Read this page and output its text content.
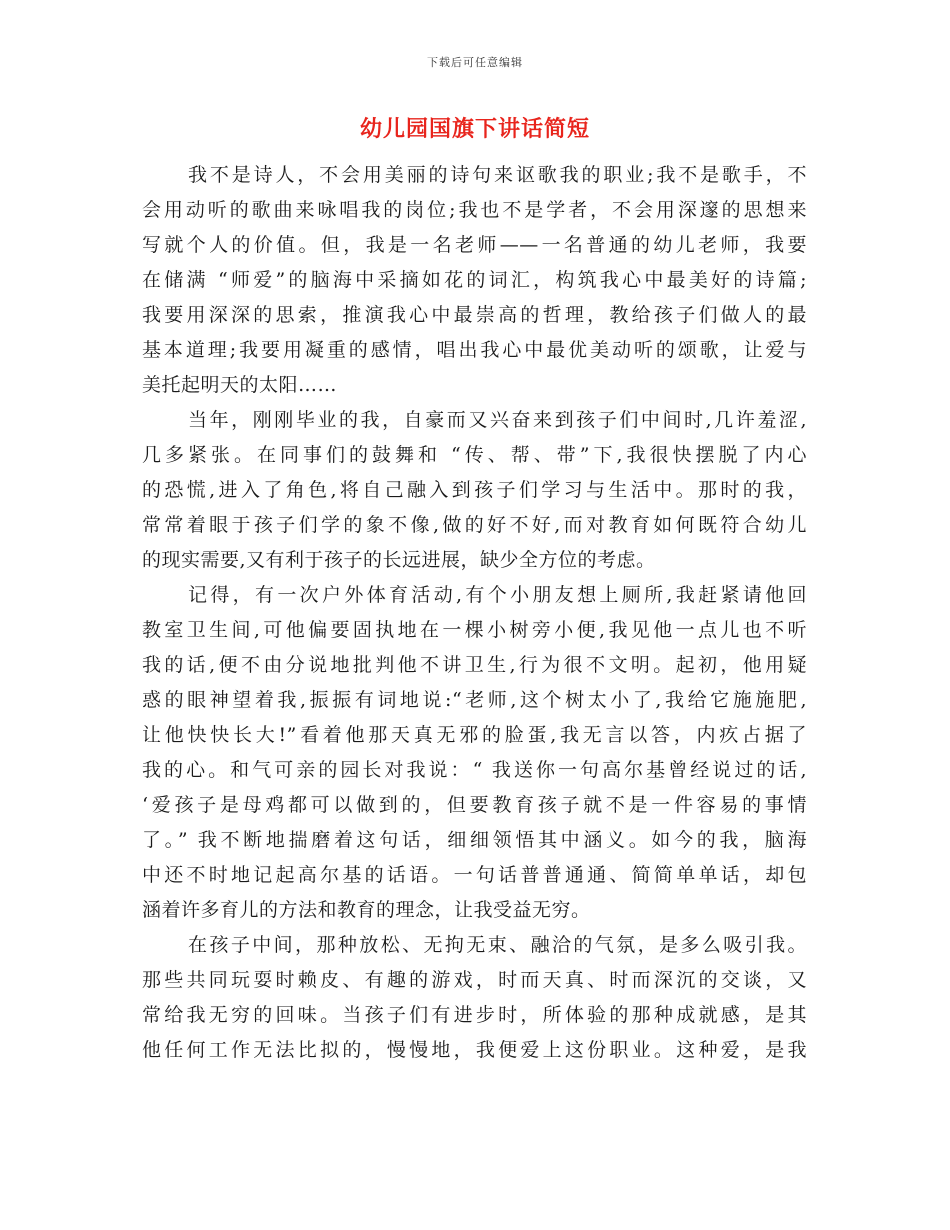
下载后可任意编辑
幼儿园国旗下讲话简短
我不是诗人，不会用美丽的诗句来讴歌我的职业;我不是歌手，不
会用动听的歌曲来咏唱我的岗位;我也不是学者，不会用深邃的思想来
写就个人的价值。但，我是一名老师——一名普通的幼儿老师，我要
在储满 “师爱”的脑海中采摘如花的词汇，构筑我心中最美好的诗篇;
我要用深深的思索，推演我心中最崇高的哲理，教给孩子们做人的最
基本道理;我要用凝重的感情，唱出我心中最优美动听的颂歌，让爱与
美托起明天的太阳……
当年，刚刚毕业的我，自豪而又兴奋来到孩子们中间时,几许羞涩,
几多紧张。在同事们的鼓舞和 “传、帮、带”下,我很快摆脱了内心
的恐慌,进入了角色,将自己融入到孩子们学习与生活中。那时的我，
常常着眼于孩子们学的象不像,做的好不好,而对教育如何既符合幼儿
的现实需要,又有利于孩子的长远进展，缺少全方位的考虑。
记得，有一次户外体育活动,有个小朋友想上厕所,我赶紧请他回
教室卫生间,可他偏要固执地在一棵小树旁小便,我见他一点儿也不听
我的话,便不由分说地批判他不讲卫生,行为很不文明。起初，他用疑
惑的眼神望着我,振振有词地说:“老师,这个树太小了,我给它施施肥,
让他快快长大!”看着他那天真无邪的脸蛋,我无言以答，内疚占据了
我的心。和气可亲的园长对我说：“ 我送你一句高尔基曾经说过的话,
‘爱孩子是母鸡都可以做到的，但要教育孩子就不是一件容易的事情
了。” 我不断地揣磨着这句话，细细领悟其中涵义。如今的我，脑海
中还不时地记起高尔基的话语。一句话普普通通、简简单单话，却包
涵着许多育儿的方法和教育的理念，让我受益无穷。
在孩子中间，那种放松、无拘无束、融洽的气氛，是多么吸引我。
那些共同玩耍时赖皮、有趣的游戏，时而天真、时而深沉的交谈，又
常给我无穷的回味。当孩子们有进步时，所体验的那种成就感，是其
他任何工作无法比拟的，慢慢地，我便爱上这份职业。这种爱，是我
